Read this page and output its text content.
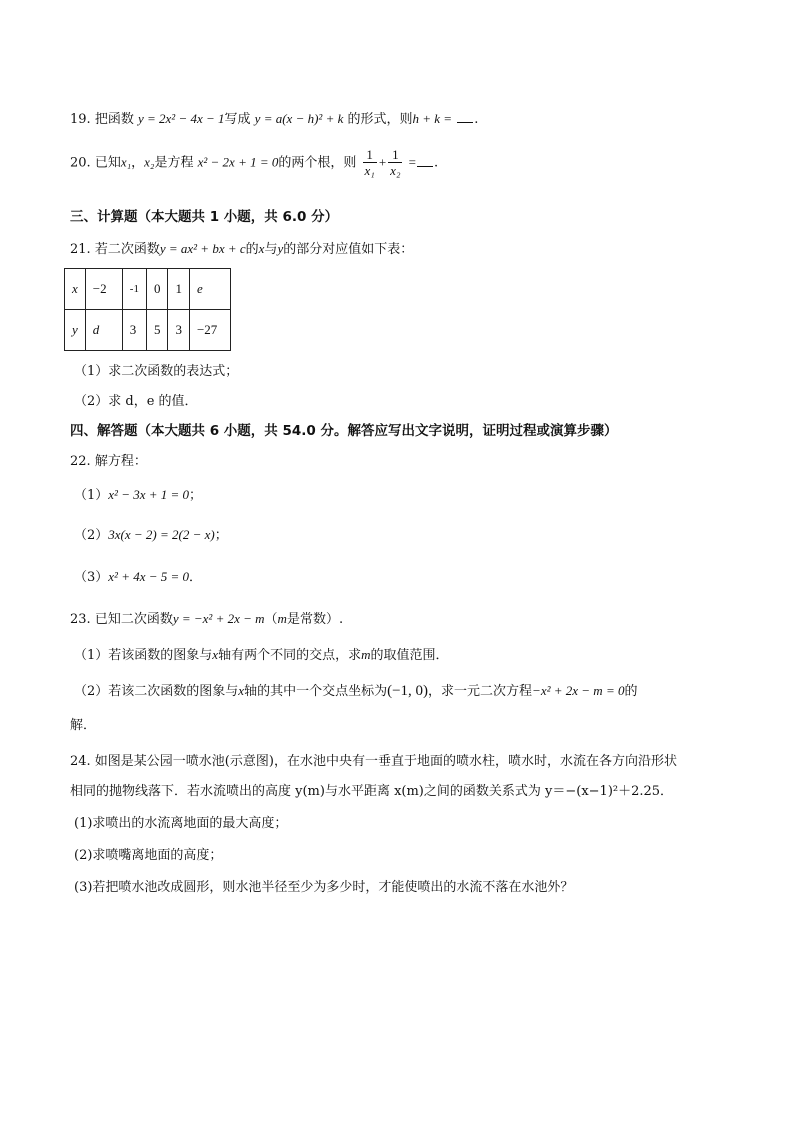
19. 把函数 y = 2x² − 4x − 1写成 y = a(x − h)² + k 的形式，则h + k = .
20. 已知x₁，x₂是方程 x² − 2x + 1 = 0的两个根，则 $\frac{1}{\text{x₁}} + \frac{1}{\text{x₂}}$ = .
三、计算题（本大题共 1 小题，共 6.0 分）
21. 若二次函数y = ax² + bx + c的x与y的部分对应值如下表：
x	−2	-1	0	1	e
y	d	3	5	3	−27
（1）求二次函数的表达式；
（2）求 d，e 的值．
四、解答题（本大题共 6 小题，共 54.0 分。解答应写出文字说明，证明过程或演算步骤）
22. 解方程：
（1）x² − 3x + 1 = 0；
（2）3x(x − 2) = 2(2 − x)；
（3）x² + 4x − 5 = 0．
23. 已知二次函数y = −x² + 2x − m（m是常数）.
（1）若该函数的图象与x轴有两个不同的交点，求m的取值范围．
（2）若该二次函数的图象与x轴的其中一个交点坐标为(−1, 0)，求一元二次方程−x² + 2x − m = 0的
解．
24. 如图是某公园一喷水池(示意图)，在水池中央有一垂直于地面的喷水柱，喷水时，水流在各方向沿形状
相同的抛物线落下．若水流喷出的高度 y(m)与水平距离 x(m)之间的函数关系式为 y＝−(x−1)²＋2.25．
(1)求喷出的水流离地面的最大高度；
(2)求喷嘴离地面的高度；
(3)若把喷水池改成圆形，则水池半径至少为多少时，才能使喷出的水流不落在水池外？
